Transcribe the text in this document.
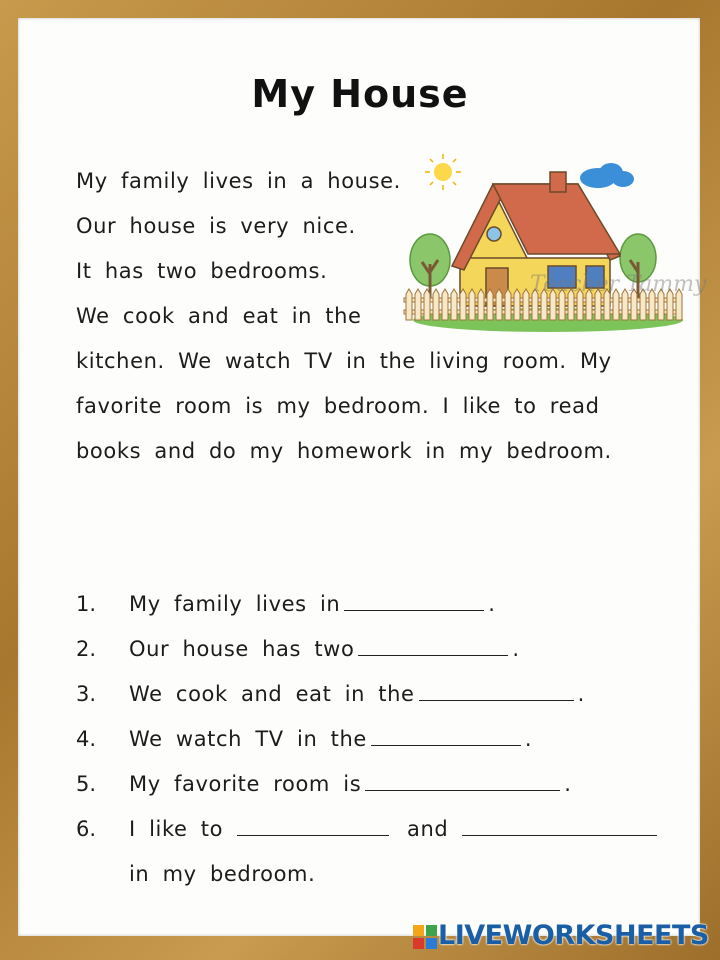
My House
My family lives in a house.
Our house is very nice.
It has two bedrooms.
We cook and eat in the
kitchen. We watch TV in the living room. My
favorite room is my bedroom. I like to read
books and do my homework in my bedroom.
Teacher Tammy
1. My family lives in	.
2. Our house has two	.
3. We cook and eat in the	.
4. We watch TV in the	.
5. My favorite room is	.
6. I like to	and
in my bedroom.
LIVEWORKSHEETS
